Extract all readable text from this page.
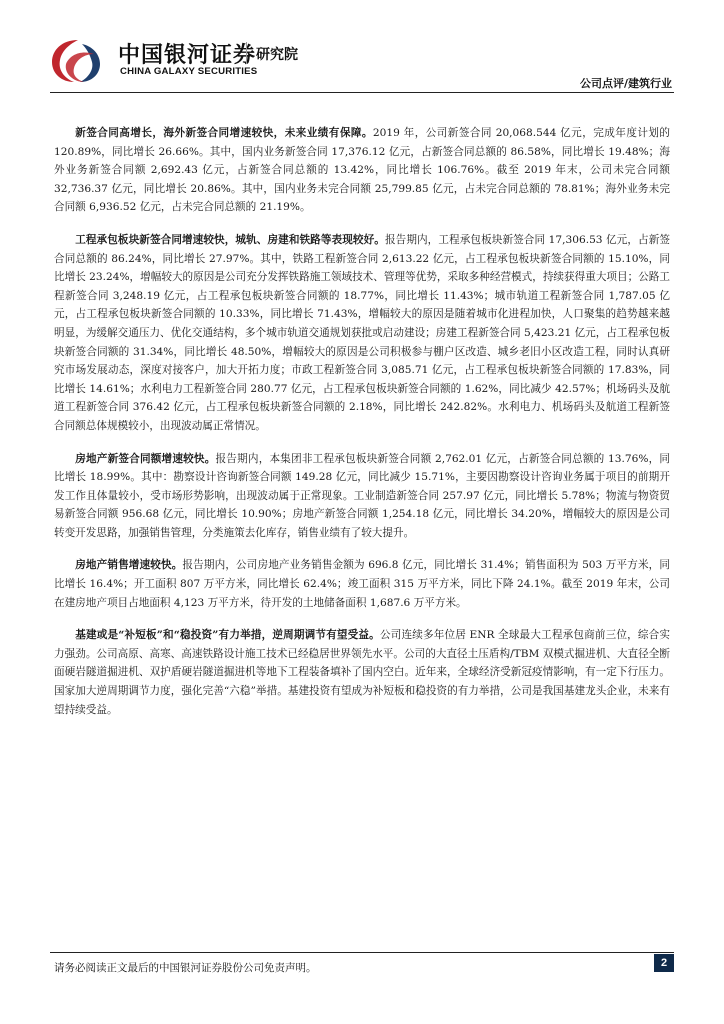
中国银河证券
CHINA GALAXY SECURITIES
研究院
公司点评/建筑行业

新签合同高增长，海外新签合同增速较快，未来业绩有保障。2019 年，公司新签合同 20,068.544 亿元，完成年度计划的 120.89%，同比增长 26.66%。其中，国内业务新签合同 17,376.12 亿元，占新签合同总额的 86.58%，同比增长 19.48%；海外业务新签合同额 2,692.43 亿元，占新签合同总额的 13.42%，同比增长 106.76%。截至 2019 年末，公司未完合同额 32,736.37 亿元，同比增长 20.86%。其中，国内业务未完合同额 25,799.85 亿元，占未完合同总额的 78.81%；海外业务未完合同额 6,936.52 亿元，占未完合同总额的 21.19%。

工程承包板块新签合同增速较快，城轨、房建和铁路等表现较好。报告期内，工程承包板块新签合同 17,306.53 亿元，占新签合同总额的 86.24%，同比增长 27.97%。其中，铁路工程新签合同 2,613.22 亿元，占工程承包板块新签合同额的 15.10%，同比增长 23.24%，增幅较大的原因是公司充分发挥铁路施工领域技术、管理等优势，采取多种经营模式，持续获得重大项目；公路工程新签合同 3,248.19 亿元，占工程承包板块新签合同额的 18.77%，同比增长 11.43%；城市轨道工程新签合同 1,787.05 亿元，占工程承包板块新签合同额的 10.33%，同比增长 71.43%，增幅较大的原因是随着城市化进程加快，人口聚集的趋势越来越明显，为缓解交通压力、优化交通结构，多个城市轨道交通规划获批或启动建设；房建工程新签合同 5,423.21 亿元，占工程承包板块新签合同额的 31.34%，同比增长 48.50%，增幅较大的原因是公司积极参与棚户区改造、城乡老旧小区改造工程，同时认真研究市场发展动态，深度对接客户，加大开拓力度；市政工程新签合同 3,085.71 亿元，占工程承包板块新签合同额的 17.83%，同比增长 14.61%；水利电力工程新签合同 280.77 亿元，占工程承包板块新签合同额的 1.62%，同比减少 42.57%；机场码头及航道工程新签合同 376.42 亿元，占工程承包板块新签合同额的 2.18%，同比增长 242.82%。水利电力、机场码头及航道工程新签合同额总体规模较小，出现波动属正常情况。

房地产新签合同额增速较快。报告期内，本集团非工程承包板块新签合同额 2,762.01 亿元，占新签合同总额的 13.76%，同比增长 18.99%。其中：勘察设计咨询新签合同额 149.28 亿元，同比减少 15.71%，主要因勘察设计咨询业务属于项目的前期开发工作且体量较小，受市场形势影响，出现波动属于正常现象。工业制造新签合同 257.97 亿元，同比增长 5.78%；物流与物资贸易新签合同额 956.68 亿元，同比增长 10.90%；房地产新签合同额 1,254.18 亿元，同比增长 34.20%，增幅较大的原因是公司转变开发思路，加强销售管理，分类施策去化库存，销售业绩有了较大提升。

房地产销售增速较快。报告期内，公司房地产业务销售金额为 696.8 亿元，同比增长 31.4%；销售面积为 503 万平方米，同比增长 16.4%；开工面积 807 万平方米，同比增长 62.4%；竣工面积 315 万平方米，同比下降 24.1%。截至 2019 年末，公司在建房地产项目占地面积 4,123 万平方米，待开发的土地储备面积 1,687.6 万平方米。

基建或是“补短板”和“稳投资”有力举措，逆周期调节有望受益。公司连续多年位居 ENR 全球最大工程承包商前三位，综合实力强劲。公司高原、高寒、高速铁路设计施工技术已经稳居世界领先水平。公司的大直径土压盾构/TBM 双模式掘进机、大直径全断面硬岩隧道掘进机、双护盾硬岩隧道掘进机等地下工程装备填补了国内空白。近年来，全球经济受新冠疫情影响，有一定下行压力。国家加大逆周期调节力度，强化完善“六稳”举措。基建投资有望成为补短板和稳投资的有力举措，公司是我国基建龙头企业，未来有望持续受益。

请务必阅读正文最后的中国银河证券股份公司免责声明。	2
